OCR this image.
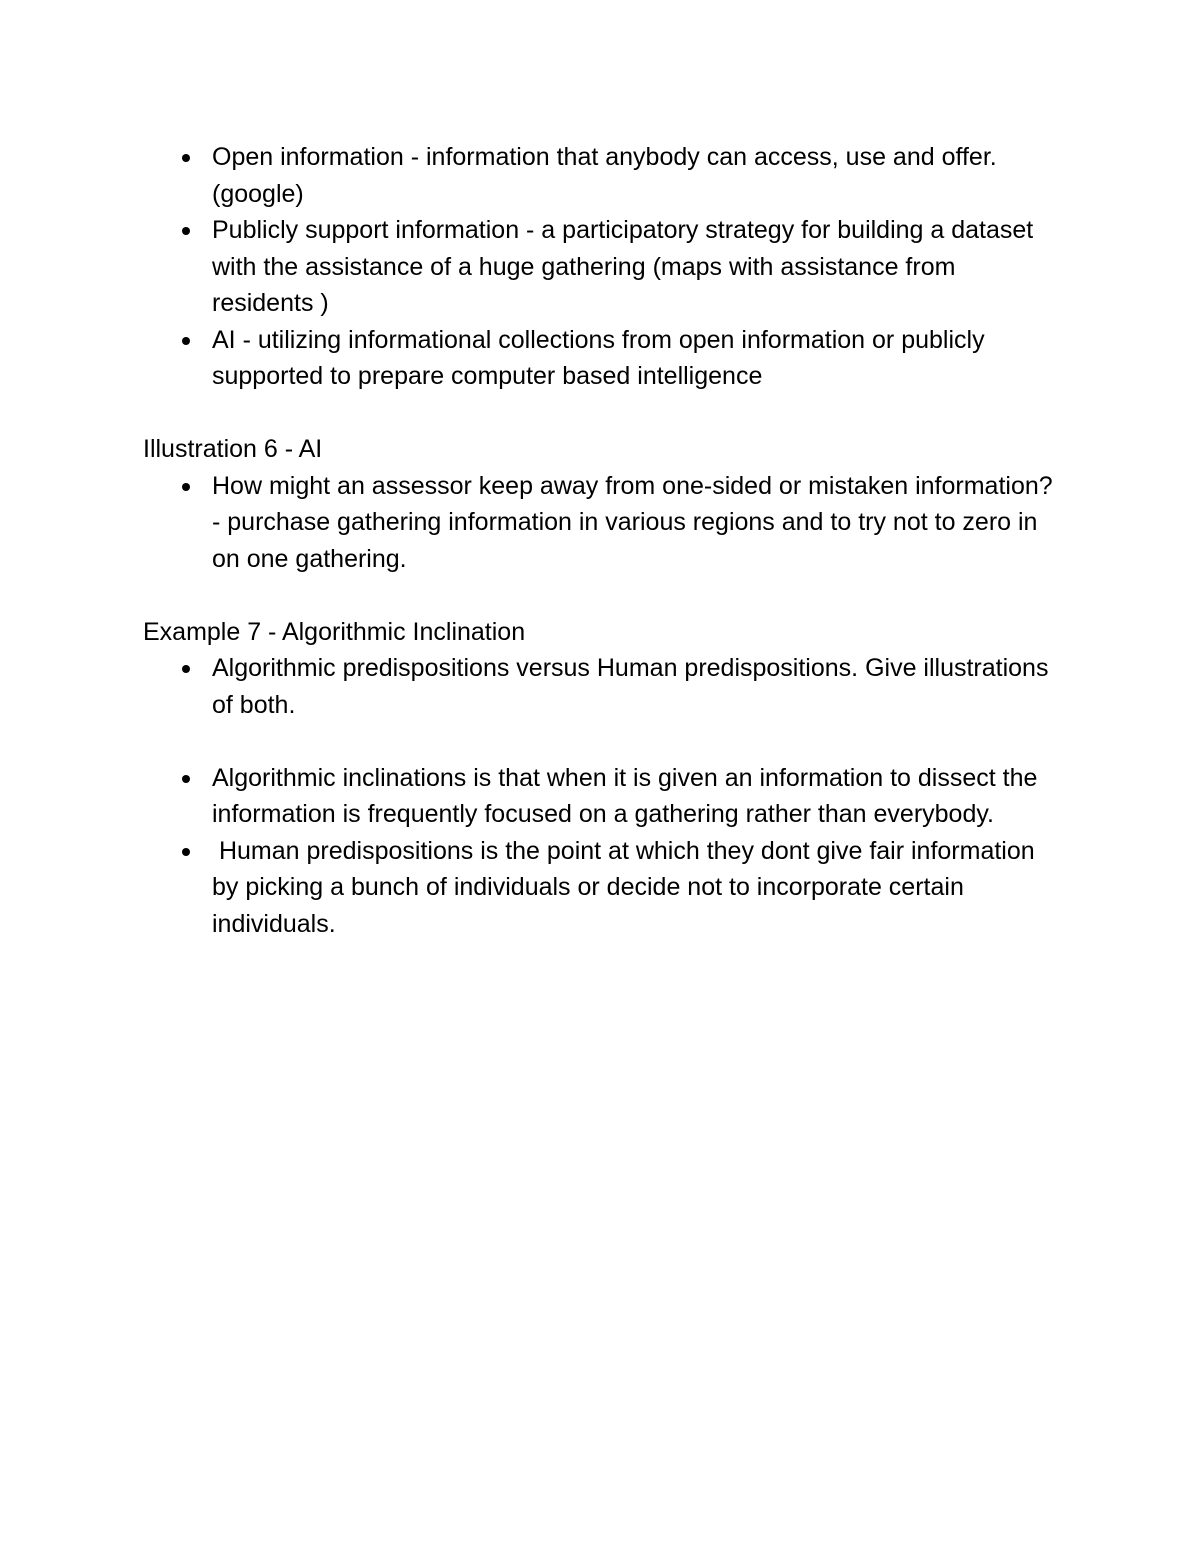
Open information - information that anybody can access, use and offer. (google)
Publicly support information - a participatory strategy for building a dataset with the assistance of a huge gathering (maps with assistance from residents )
AI - utilizing informational collections from open information or publicly supported to prepare computer based intelligence

Illustration 6 - AI

How might an assessor keep away from one-sided or mistaken information? - purchase gathering information in various regions and to try not to zero in on one gathering.

Example 7 - Algorithmic Inclination

Algorithmic predispositions versus Human predispositions. Give illustrations of both.
Algorithmic inclinations is that when it is given an information to dissect the information is frequently focused on a gathering rather than everybody.
Human predispositions is the point at which they dont give fair information by picking a bunch of individuals or decide not to incorporate certain individuals.
